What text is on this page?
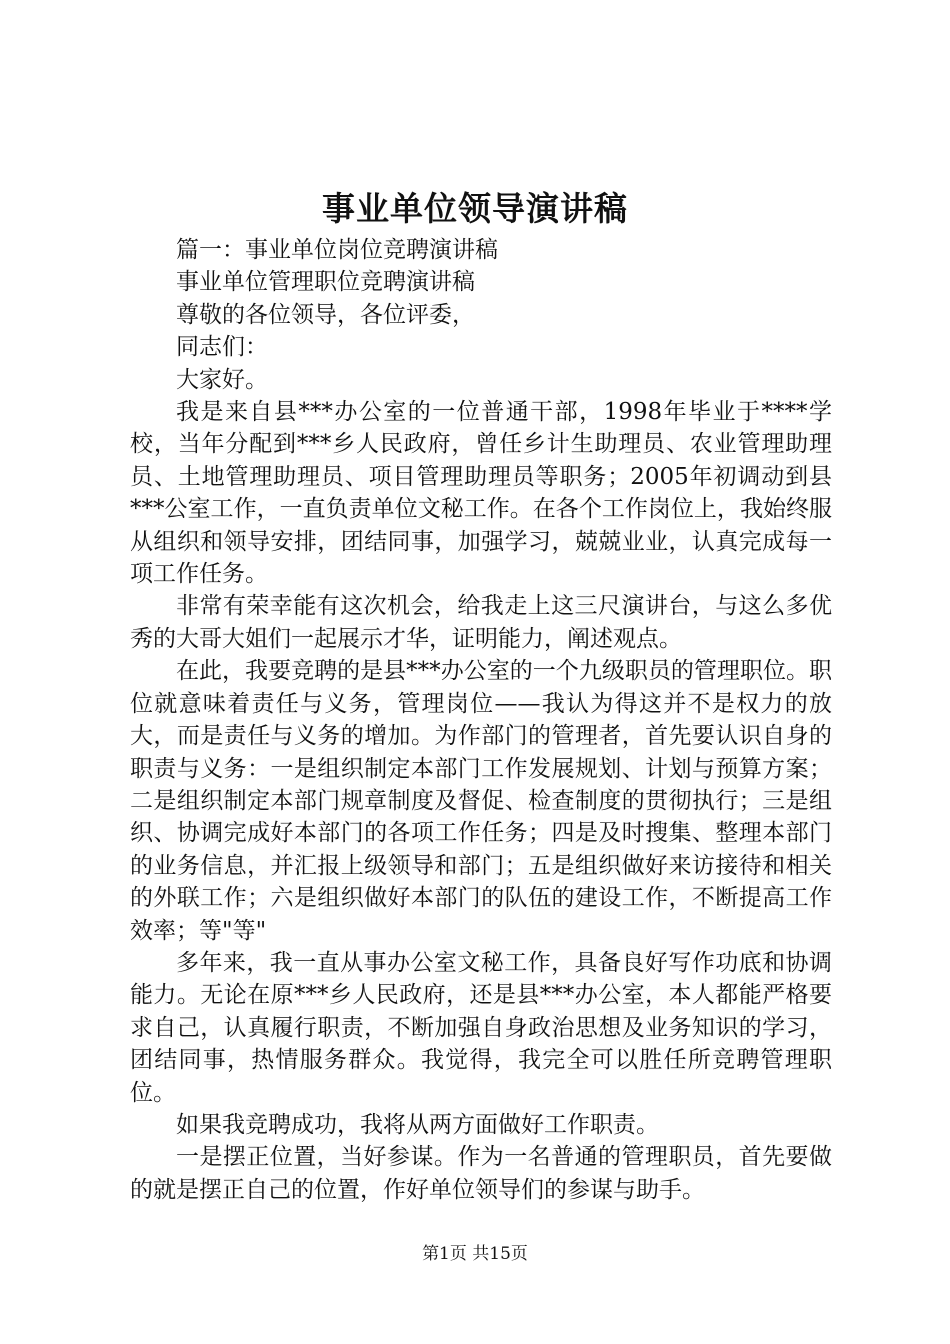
事业单位领导演讲稿

篇一：事业单位岗位竞聘演讲稿

事业单位管理职位竞聘演讲稿

尊敬的各位领导，各位评委，

同志们：

大家好。

我是来自县***办公室的一位普通干部，1998年毕业于****学校，当年分配到***乡人民政府，曾任乡计生助理员、农业管理助理员、土地管理助理员、项目管理助理员等职务；2005年初调动到县***公室工作，一直负责单位文秘工作。在各个工作岗位上，我始终服从组织和领导安排，团结同事，加强学习，兢兢业业，认真完成每一项工作任务。

非常有荣幸能有这次机会，给我走上这三尺演讲台，与这么多优秀的大哥大姐们一起展示才华，证明能力，阐述观点。

在此，我要竞聘的是县***办公室的一个九级职员的管理职位。职位就意味着责任与义务，管理岗位——我认为得这并不是权力的放大，而是责任与义务的增加。为作部门的管理者，首先要认识自身的职责与义务：一是组织制定本部门工作发展规划、计划与预算方案；二是组织制定本部门规章制度及督促、检查制度的贯彻执行；三是组织、协调完成好本部门的各项工作任务；四是及时搜集、整理本部门的业务信息，并汇报上级领导和部门；五是组织做好来访接待和相关的外联工作；六是组织做好本部门的队伍的建设工作，不断提高工作效率；等"等"

多年来，我一直从事办公室文秘工作，具备良好写作功底和协调能力。无论在原***乡人民政府，还是县***办公室，本人都能严格要求自己，认真履行职责，不断加强自身政治思想及业务知识的学习，团结同事，热情服务群众。我觉得，我完全可以胜任所竞聘管理职位。

如果我竞聘成功，我将从两方面做好工作职责。

一是摆正位置，当好参谋。作为一名普通的管理职员，首先要做的就是摆正自己的位置，作好单位领导们的参谋与助手。

第1页 共15页
